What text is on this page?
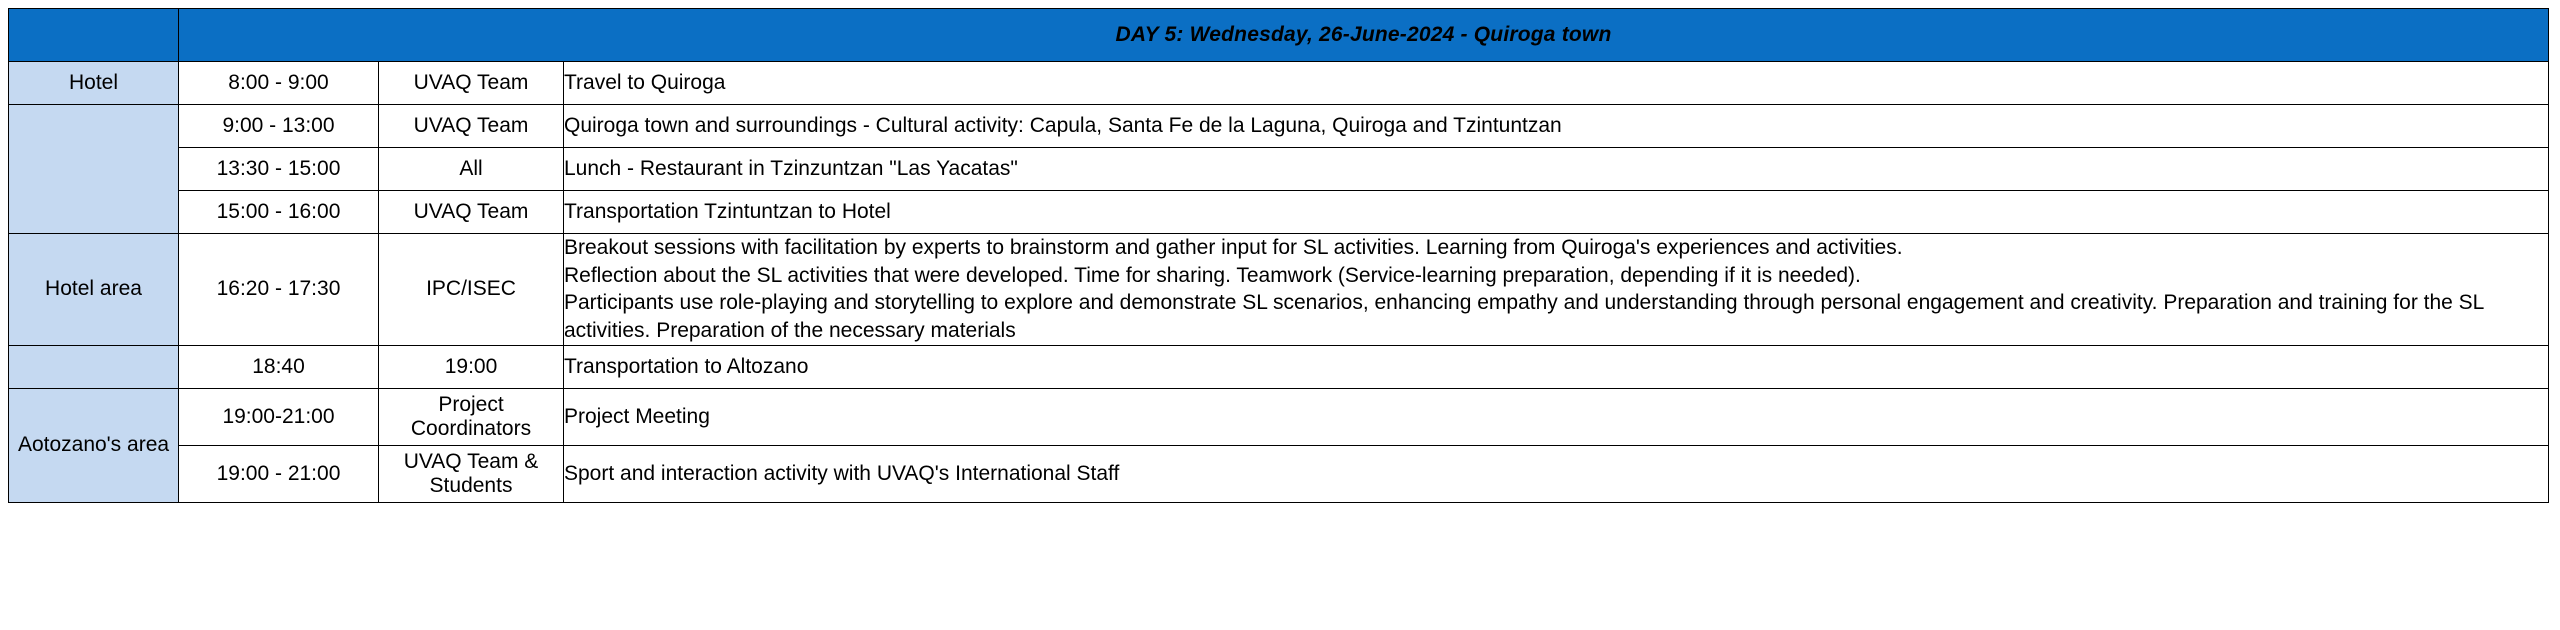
	DAY 5: Wednesday, 26-June-2024 - Quiroga town		
Hotel	8:00 - 9:00	UVAQ Team	Travel to Quiroga
	9:00 - 13:00	UVAQ Team	Quiroga town and surroundings - Cultural activity: Capula, Santa Fe de la Laguna, Quiroga and Tzintuntzan
	13:30 - 15:00	All	Lunch - Restaurant in Tzinzuntzan "Las Yacatas"
	15:00 - 16:00	UVAQ Team	Transportation Tzintuntzan to Hotel
Hotel area	16:20 - 17:30	IPC/ISEC	Breakout sessions with facilitation by experts to brainstorm and gather input for SL activities. Learning from Quiroga's experiences and activities.
Reflection about the SL activities that were developed. Time for sharing. Teamwork (Service-learning preparation, depending if it is needed).
Participants use role-playing and storytelling to explore and demonstrate SL scenarios, enhancing empathy and understanding through personal engagement and creativity. Preparation and training for the SL activities. Preparation of the necessary materials

	18:40	19:00	Transportation to Altozano
Aotozano's area	19:00-21:00	Project Coordinators	Project Meeting
	19:00 - 21:00	UVAQ Team & Students	Sport and interaction activity with UVAQ's International Staff
